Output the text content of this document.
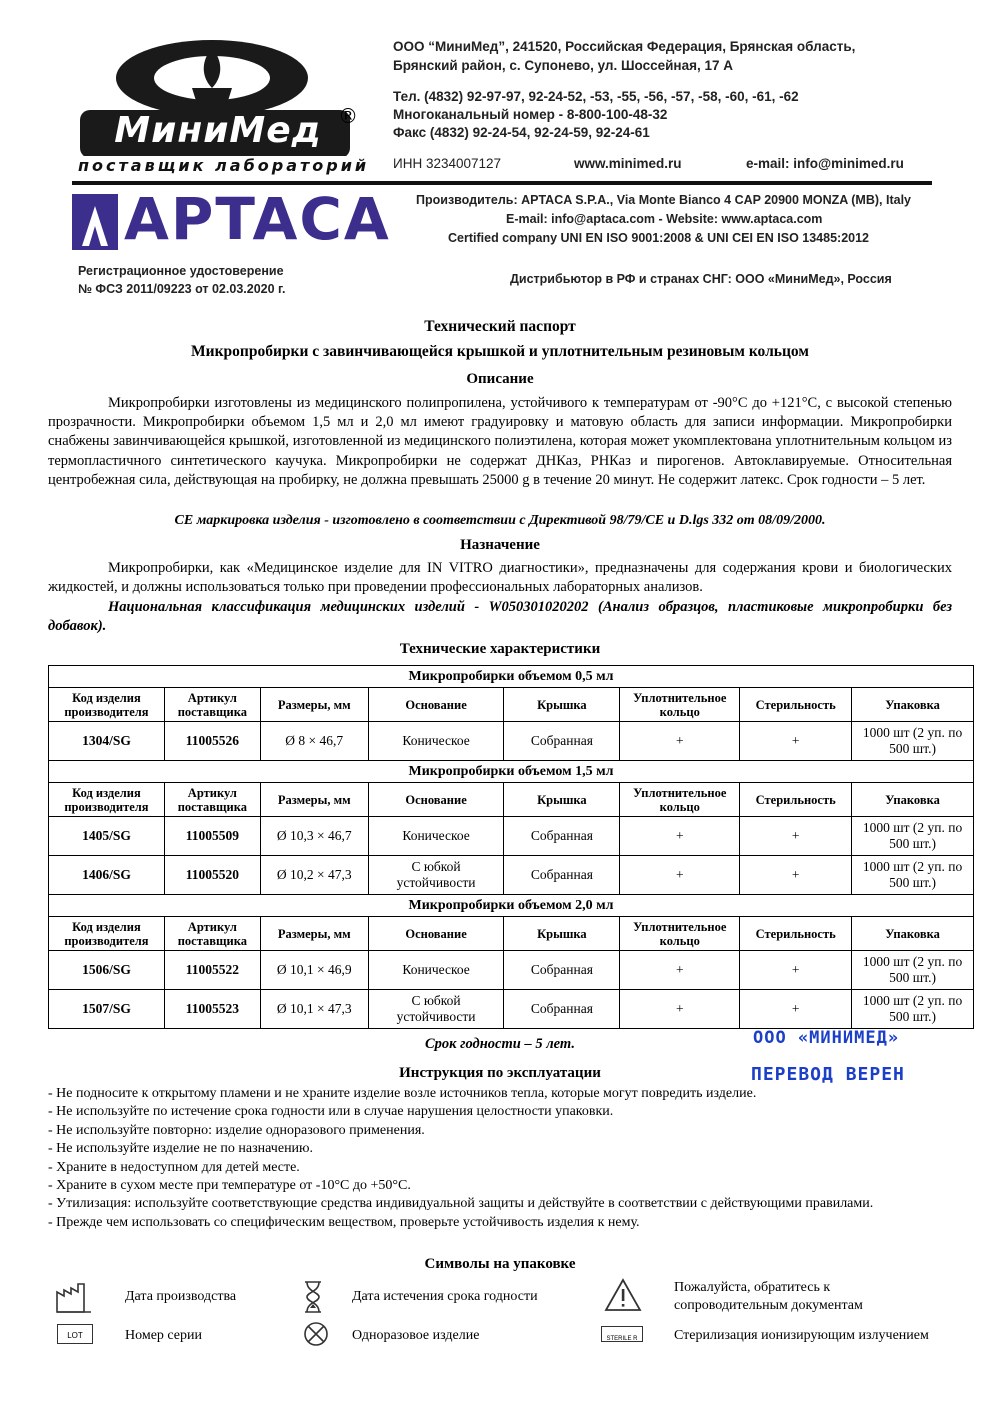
МиниМед ®
поставщик лабораторий
ООО “МиниМед”, 241520, Российская Федерация, Брянская область,
Брянский район, с. Супонево, ул. Шоссейная, 17 А
Тел. (4832) 92-97-97, 92-24-52, -53, -55, -56, -57, -58, -60, -61, -62
Многоканальный номер - 8-800-100-48-32
Факс (4832) 92-24-54, 92-24-59, 92-24-61
ИНН 3234007127	www.minimed.ru	e-mail: info@minimed.ru
APTACA APTACA Производитель: APTACA S.P.A., Via Monte Bianco 4 CAP 20900 MONZA (MB), Italy
E-mail: info@aptaca.com - Website: www.aptaca.com
Certified company UNI EN ISO 9001:2008 & UNI CEI EN ISO 13485:2012
Регистрационное удостоверение
№ ФСЗ 2011/09223 от 02.03.2020 г.
Дистрибьютор в РФ и странах СНГ: ООО «МиниМед», Россия
Технический паспорт
Микропробирки с завинчивающейся крышкой и уплотнительным резиновым кольцом
Описание
Микропробирки изготовлены из медицинского полипропилена, устойчивого к температурам от -90°C до +121°C, с высокой степенью прозрачности. Микропробирки объемом 1,5 мл и 2,0 мл имеют градуировку и матовую область для записи информации. Микропробирки снабжены завинчивающейся крышкой, изготовленной из медицинского полиэтилена, которая может укомплектована уплотнительным кольцом из термопластичного синтетического каучука. Микропробирки не содержат ДНКаз, РНКаз и пирогенов. Автоклавируемые. Относительная центробежная сила, действующая на пробирку, не должна превышать 25000 g в течение 20 минут. Не содержит латекс. Срок годности – 5 лет.
CE маркировка изделия - изготовлено в соответствии с Директивой 98/79/CE и D.lgs 332 от 08/09/2000.
Назначение
Микропробирки, как «Медицинское изделие для IN VITRO диагностики», предназначены для содержания крови и биологических жидкостей, и должны использоваться только при проведении профессиональных лабораторных анализов.
Национальная классификация медицинских изделий - W050301020202 (Анализ образцов, пластиковые микропробирки без добавок).
Технические характеристики
Микропробирки объемом 0,5 мл							
Код изделия производителя	Артикул поставщика	Размеры, мм	Основание	Крышка	Уплотнительное кольцо	Стерильность	Упаковка
1304/SG	11005526	Ø 8 × 46,7	Коническое	Собранная	+	+	1000 шт (2 уп. по 500 шт.)
Микропробирки объемом 1,5 мл							
Код изделия производителя	Артикул поставщика	Размеры, мм	Основание	Крышка	Уплотнительное кольцо	Стерильность	Упаковка
1405/SG	11005509	Ø 10,3 × 46,7	Коническое	Собранная	+	+	1000 шт (2 уп. по 500 шт.)
1406/SG	11005520	Ø 10,2 × 47,3	С юбкой устойчивости	Собранная	+	+	1000 шт (2 уп. по 500 шт.)
Микропробирки объемом 2,0 мл							
Код изделия производителя	Артикул поставщика	Размеры, мм	Основание	Крышка	Уплотнительное кольцо	Стерильность	Упаковка
1506/SG	11005522	Ø 10,1 × 46,9	Коническое	Собранная	+	+	1000 шт (2 уп. по 500 шт.)
1507/SG	11005523	Ø 10,1 × 47,3	С юбкой устойчивости	Собранная	+	+	1000 шт (2 уп. по 500 шт.)
Срок годности – 5 лет.	ООО «МИНИМЕД»
ПЕРЕВОД ВЕРЕН
Инструкция по эксплуатации
- Не подносите к открытому пламени и не храните изделие возле источников тепла, которые могут повредить изделие.
- Не используйте по истечение срока годности или в случае нарушения целостности упаковки.
- Не используйте повторно: изделие одноразового применения.
- Не используйте изделие не по назначению.
- Храните в недоступном для детей месте.
- Храните в сухом месте при температуре от -10°C до +50°C.
- Утилизация: используйте соответствующие средства индивидуальной защиты и действуйте в соответствии с действующими правилами.
- Прежде чем использовать со специфическим веществом, проверьте устойчивость изделия к нему.
Символы на упаковке
Дата производства	Дата истечения срока годности
Пожалуйста, обратитесь к сопроводительным документам
LOT	Номер серии	Одноразовое изделие	STERILE R	Стерилизация ионизирующим излучением
